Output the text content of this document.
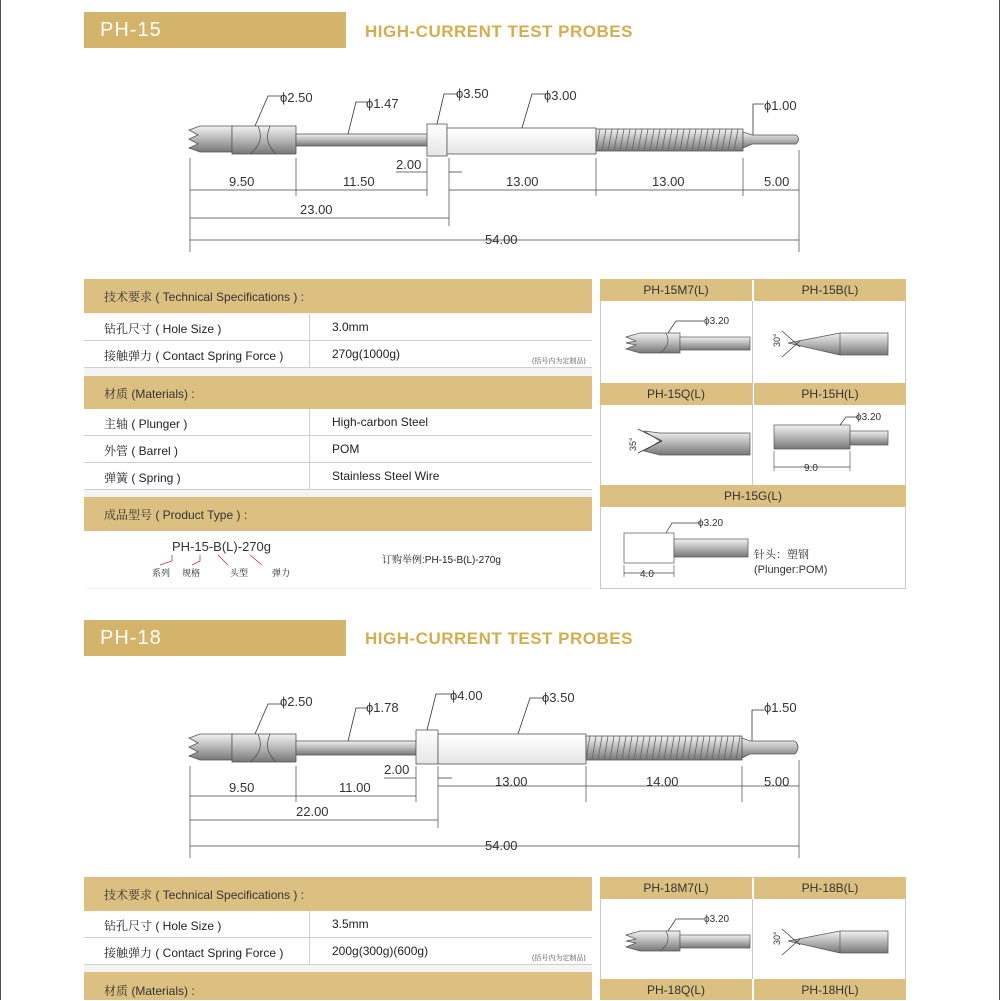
PH-15	HIGH-CURRENT TEST PROBES
ϕ2.50	ϕ1.47
ϕ3.50	ϕ3.00
ϕ1.00
9.50	11.50
2.00
13.00	13.00	5.00
23.00
54.00
技术要求 ( Technical Specifications ) :
钻孔尺寸 ( Hole Size )	3.0mm
接触弹力 ( Contact Spring Force )	270g(1000g)
(括号内为定制品)
材质 (Materials) :
主轴 ( Plunger )	High-carbon Steel
外管 ( Barrel )	POM
弹簧 ( Spring )	Stainless Steel Wire
成品型号 ( Product Type ) :
PH-15-B(L)-270g
系列 规格	头型	弹力
订购举例:PH-15-B(L)-270g
PH-15M7(L)	PH-15B(L)
PH-15Q(L)	PH-15H(L)
PH-15G(L)
ϕ3.20
30°
35°
ϕ3.20
9.0
ϕ3.20
4.0
针头：塑钢
(Plunger:POM)
PH-18	HIGH-CURRENT TEST PROBES
ϕ2.50	ϕ1.78
ϕ4.00	ϕ3.50
ϕ1.50
9.50	11.00
2.00
13.00	14.00	5.00
22.00
54.00
技术要求 ( Technical Specifications ) :
钻孔尺寸 ( Hole Size )	3.5mm
接触弹力 ( Contact Spring Force )	200g(300g)(600g)
(括号内为定制品)
材质 (Materials) :
PH-18M7(L)	PH-18B(L)
PH-18Q(L)	PH-18H(L)
ϕ3.20
30°
